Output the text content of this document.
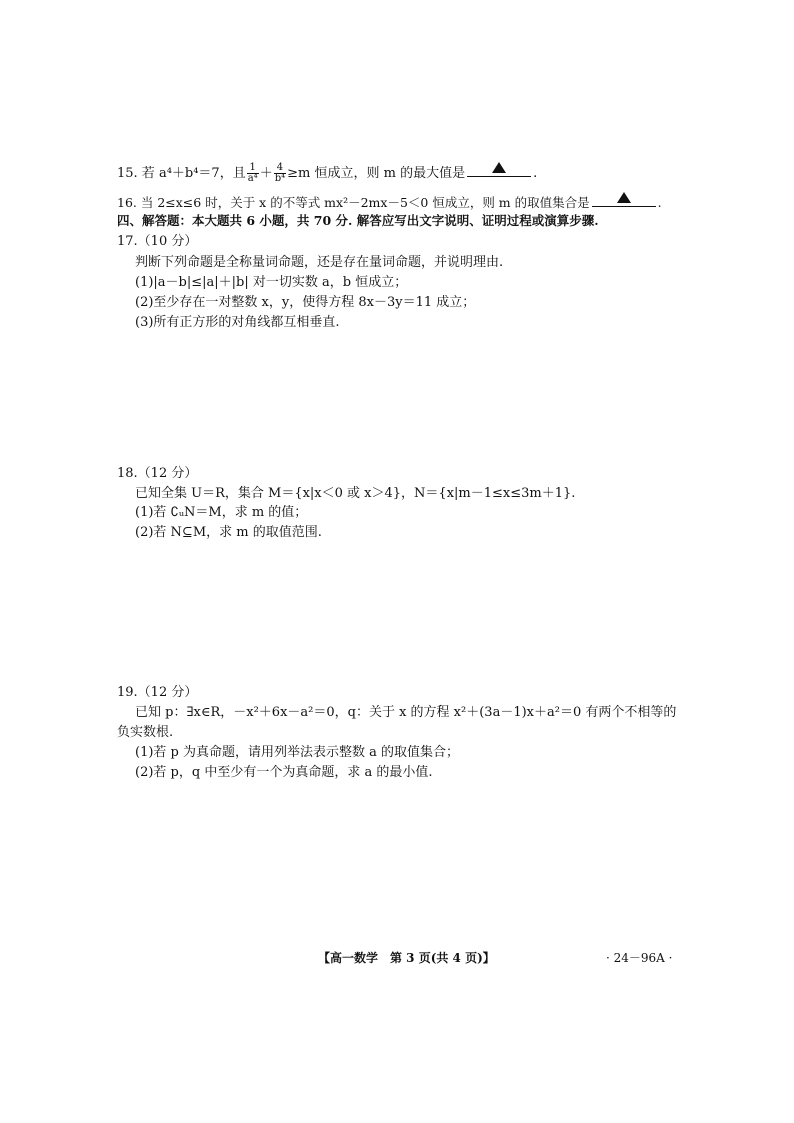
15. 若 a⁴＋b⁴＝7，且 $\frac{1}{\text{a⁴}} + \frac{4}{\text{b⁴}} \ge m$ 恒成立，则 m 的最大值是	.
16. 当 2≤x≤6 时，关于 x 的不等式 mx²－2mx－5＜0 恒成立，则 m 的取值集合是	.
四、解答题：本大题共 6 小题，共 70 分. 解答应写出文字说明、证明过程或演算步骤.
17.（10 分）
判断下列命题是全称量词命题，还是存在量词命题，并说明理由.
(1)|a－b|≤|a|＋|b| 对一切实数 a，b 恒成立；
(2)至少存在一对整数 x，y，使得方程 8x－3y＝11 成立；
(3)所有正方形的对角线都互相垂直.
18.（12 分）
已知全集 U＝R，集合 M＝{x|x＜0 或 x＞4}，N＝{x|m－1≤x≤3m＋1}.
(1)若 ∁ᵤN＝M，求 m 的值；
(2)若 N⊆M，求 m 的取值范围.
19.（12 分）
已知 p：∃x∈R，－x²＋6x－a²＝0，q：关于 x 的方程 x²＋(3a－1)x＋a²＝0 有两个不相等的
负实数根.
(1)若 p 为真命题，请用列举法表示整数 a 的取值集合；
(2)若 p，q 中至少有一个为真命题，求 a 的最小值.
【高一数学　第 3 页(共 4 页)】	· 24－96A ·
